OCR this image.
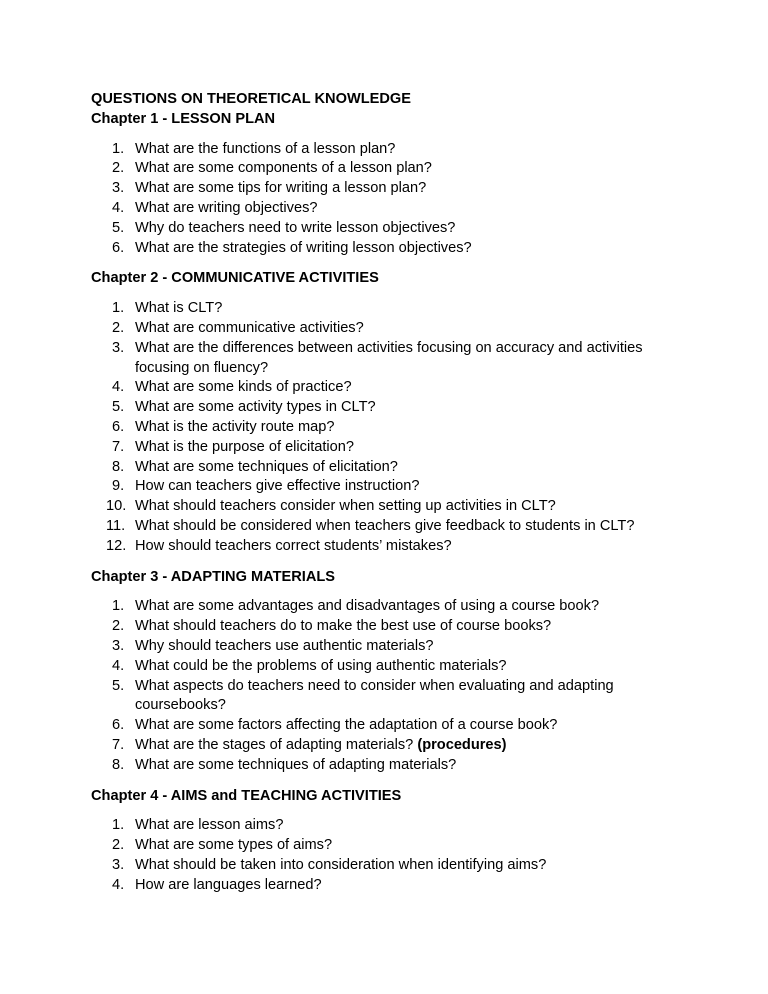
QUESTIONS ON THEORETICAL KNOWLEDGE

Chapter 1 - LESSON PLAN

1. What are the functions of a lesson plan?
2. What are some components of a lesson plan?
3. What are some tips for writing a lesson plan?
4. What are writing objectives?
5. Why do teachers need to write lesson objectives?
6. What are the strategies of writing lesson objectives?

Chapter 2 - COMMUNICATIVE ACTIVITIES

1. What is CLT?
2. What are communicative activities?
3. What are the differences between activities focusing on accuracy and activities focusing on fluency?
4. What are some kinds of practice?
5. What are some activity types in CLT?
6. What is the activity route map?
7. What is the purpose of elicitation?
8. What are some techniques of elicitation?
9. How can teachers give effective instruction?
10. What should teachers consider when setting up activities in CLT?
11. What should be considered when teachers give feedback to students in CLT?
12. How should teachers correct students’ mistakes?

Chapter 3 - ADAPTING MATERIALS

1. What are some advantages and disadvantages of using a course book?
2. What should teachers do to make the best use of course books?
3. Why should teachers use authentic materials?
4. What could be the problems of using authentic materials?
5. What aspects do teachers need to consider when evaluating and adapting coursebooks?
6. What are some factors affecting the adaptation of a course book?
7. What are the stages of adapting materials? (procedures)
8. What are some techniques of adapting materials?

Chapter 4 - AIMS and TEACHING ACTIVITIES

1. What are lesson aims?
2. What are some types of aims?
3. What should be taken into consideration when identifying aims?
4. How are languages learned?
